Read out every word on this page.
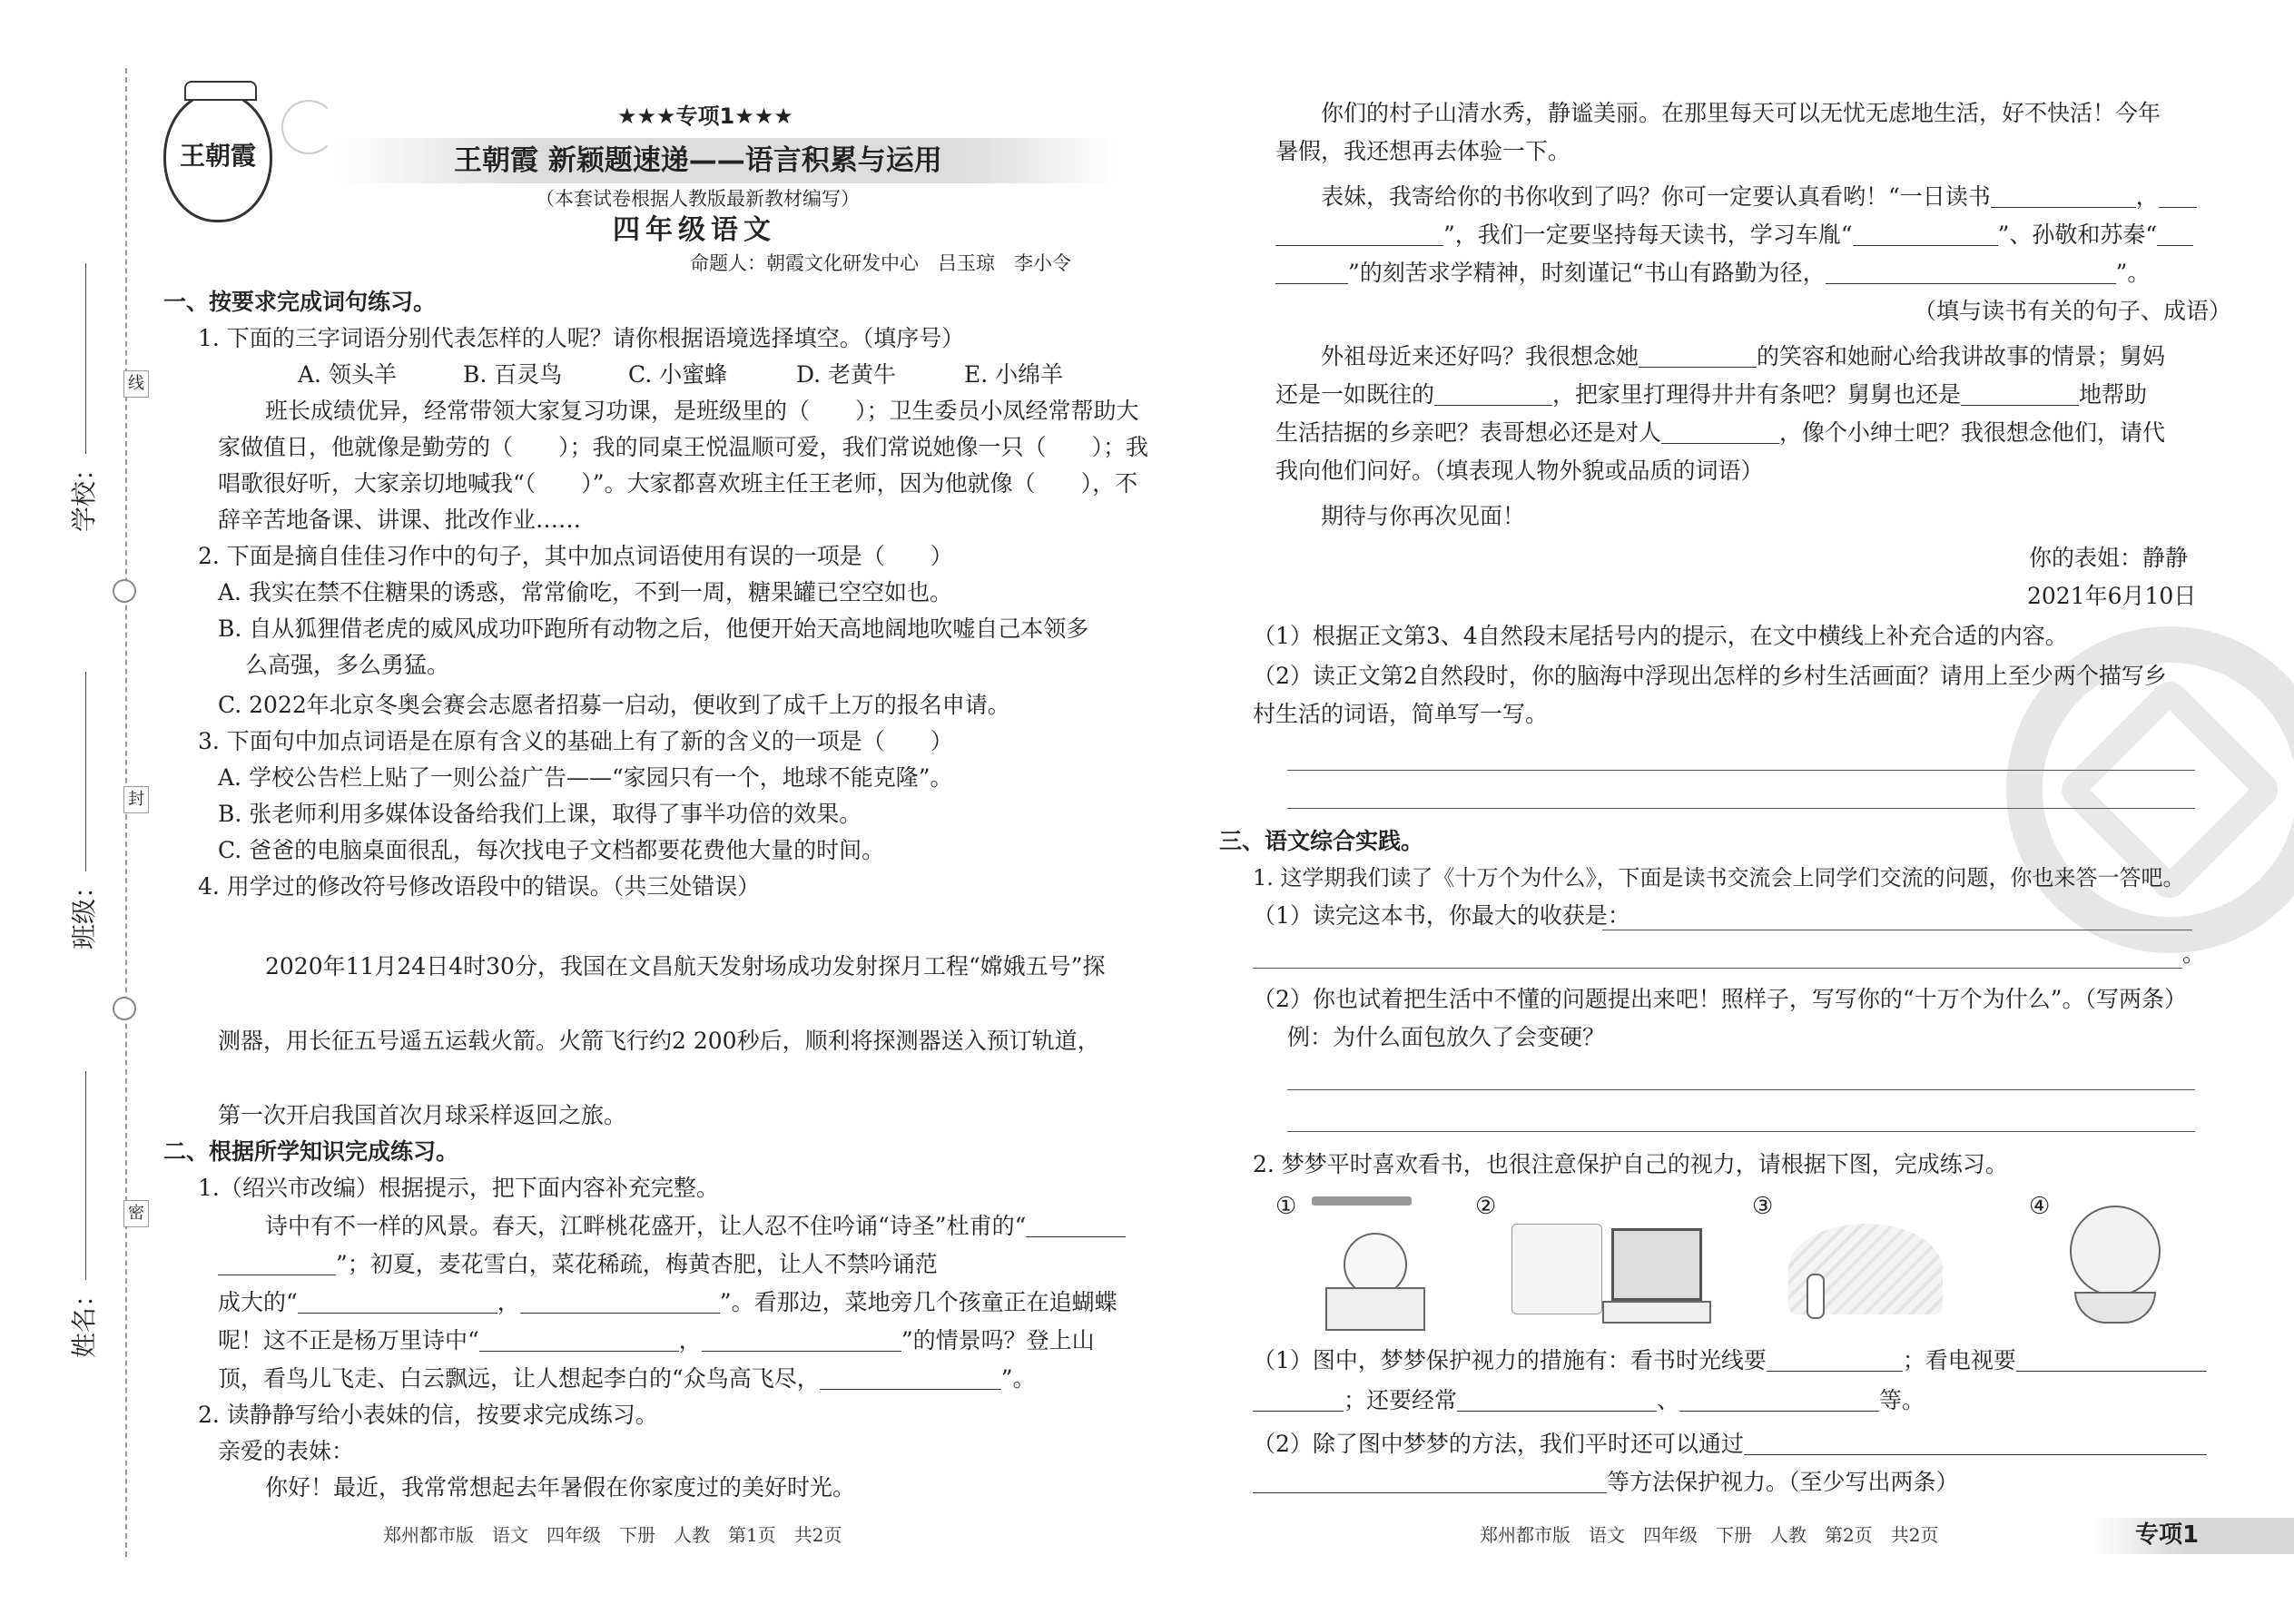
线
封
密
学校：
班级：
姓名：
王朝霞
★★★专项1★★★
王朝霞 新颖题速递——语言积累与运用
（本套试卷根据人教版最新教材编写）
四年级语文
命题人：朝霞文化研发中心　吕玉琼　李小令
一、按要求完成词句练习。
1. 下面的三字词语分别代表怎样的人呢？请你根据语境选择填空。（填序号）
A. 领头羊	B. 百灵鸟	C. 小蜜蜂	D. 老黄牛	E. 小绵羊
班长成绩优异，经常带领大家复习功课，是班级里的（　　）；卫生委员小凤经常帮助大
家做值日，他就像是勤劳的（　　）；我的同桌王悦温顺可爱，我们常说她像一只（　　）；我
唱歌很好听，大家亲切地喊我“（　　）”。大家都喜欢班主任王老师，因为他就像（　　），不
辞辛苦地备课、讲课、批改作业……
2. 下面是摘自佳佳习作中的句子，其中加点词语使用有误的一项是（　　）
A. 我实在禁不住糖果的诱惑，常常偷吃，不到一周，糖果罐已空空如也。
B. 自从狐狸借老虎的威风成功吓跑所有动物之后，他便开始天高地阔地吹嘘自己本领多
么高强，多么勇猛。
C. 2022年北京冬奥会赛会志愿者招募一启动，便收到了成千上万的报名申请。
3. 下面句中加点词语是在原有含义的基础上有了新的含义的一项是（　　）
A. 学校公告栏上贴了一则公益广告——“家园只有一个，地球不能克隆”。
B. 张老师利用多媒体设备给我们上课，取得了事半功倍的效果。
C. 爸爸的电脑桌面很乱，每次找电子文档都要花费他大量的时间。
4. 用学过的修改符号修改语段中的错误。（共三处错误）
2020年11月24日4时30分，我国在文昌航天发射场成功发射探月工程“嫦娥五号”探
测器，用长征五号遥五运载火箭。火箭飞行约2 200秒后，顺利将探测器送入预订轨道，
第一次开启我国首次月球采样返回之旅。
二、根据所学知识完成练习。
1.（绍兴市改编）根据提示，把下面内容补充完整。
诗中有不一样的风景。春天，江畔桃花盛开，让人忍不住吟诵“诗圣”杜甫的“
”；初夏，麦花雪白，菜花稀疏，梅黄杏肥，让人不禁吟诵范
成大的“	，	”。看那边，菜地旁几个孩童正在追蝴蝶
呢！这不正是杨万里诗中“	，	”的情景吗？登上山
顶，看鸟儿飞走、白云飘远，让人想起李白的“众鸟高飞尽，	”。
2. 读静静写给小表妹的信，按要求完成练习。
亲爱的表妹：
你好！最近，我常常想起去年暑假在你家度过的美好时光。
郑州都市版　语文　四年级　下册　人教　第1页　共2页
你们的村子山清水秀，静谧美丽。在那里每天可以无忧无虑地生活，好不快活！今年
暑假，我还想再去体验一下。
表妹，我寄给你的书你收到了吗？你可一定要认真看哟！“一日读书	，
”，我们一定要坚持每天读书，学习车胤“	”、孙敬和苏秦“
”的刻苦求学精神，时刻谨记“书山有路勤为径，	”。
（填与读书有关的句子、成语）
外祖母近来还好吗？我很想念她	的笑容和她耐心给我讲故事的情景；舅妈
还是一如既往的	，把家里打理得井井有条吧？舅舅也还是	地帮助
生活拮据的乡亲吧？表哥想必还是对人	，像个小绅士吧？我很想念他们，请代
我向他们问好。（填表现人物外貌或品质的词语）
期待与你再次见面！
你的表姐：静静
2021年6月10日
（1）根据正文第3、4自然段末尾括号内的提示，在文中横线上补充合适的内容。
（2）读正文第2自然段时，你的脑海中浮现出怎样的乡村生活画面？请用上至少两个描写乡
村生活的词语，简单写一写。
三、语文综合实践。
1. 这学期我们读了《十万个为什么》，下面是读书交流会上同学们交流的问题，你也来答一答吧。
（1）读完这本书，你最大的收获是：
。
（2）你也试着把生活中不懂的问题提出来吧！照样子，写写你的“十万个为什么”。（写两条）
例：为什么面包放久了会变硬？
2. 梦梦平时喜欢看书，也很注意保护自己的视力，请根据下图，完成练习。
①	②	③	④
（1）图中，梦梦保护视力的措施有：看书时光线要	；看电视要
；还要经常	、	等。
（2）除了图中梦梦的方法，我们平时还可以通过
等方法保护视力。（至少写出两条）
郑州都市版　语文　四年级　下册　人教　第2页　共2页	专项1
